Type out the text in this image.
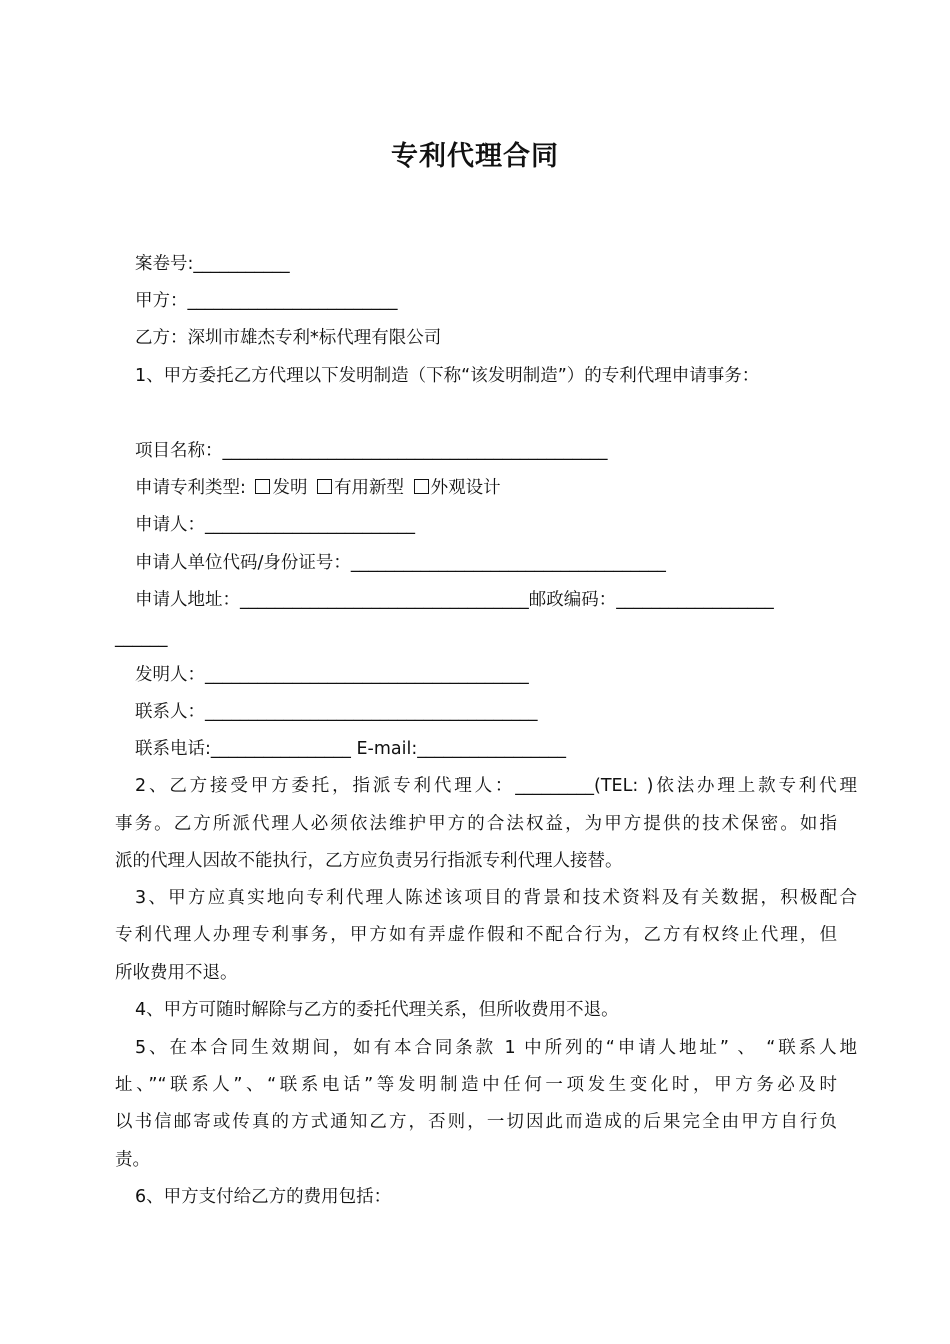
专利代理合同
案卷号:___________
甲方：________________________
乙方：深圳市雄杰专利*标代理有限公司
1、甲方委托乙方代理以下发明制造（下称“该发明制造”）的专利代理申请事务：
项目名称：____________________________________________
申请专利类型: 发明 有用新型 外观设计
申请人：________________________
申请人单位代码/身份证号：____________________________________
申请人地址：_________________________________邮政编码：__________________
______
发明人：_____________________________________
联系人：______________________________________
联系电话:________________ E-mail:_________________
2、乙方接受甲方委托，指派专利代理人：_________(TEL: )依法办理上款专利代理
事务。乙方所派代理人必须依法维护甲方的合法权益，为甲方提供的技术保密。如指
派的代理人因故不能执行，乙方应负责另行指派专利代理人接替。
3、甲方应真实地向专利代理人陈述该项目的背景和技术资料及有关数据，积极配合
专利代理人办理专利事务，甲方如有弄虚作假和不配合行为，乙方有权终止代理，但
所收费用不退。
4、甲方可随时解除与乙方的委托代理关系，但所收费用不退。
5、在本合同生效期间，如有本合同条款 1 中所列的“申请人地址” 、 “联系人地
址、”“联系人”、“联系电话”等发明制造中任何一项发生变化时，甲方务必及时
以书信邮寄或传真的方式通知乙方，否则，一切因此而造成的后果完全由甲方自行负
责。
6、甲方支付给乙方的费用包括：
